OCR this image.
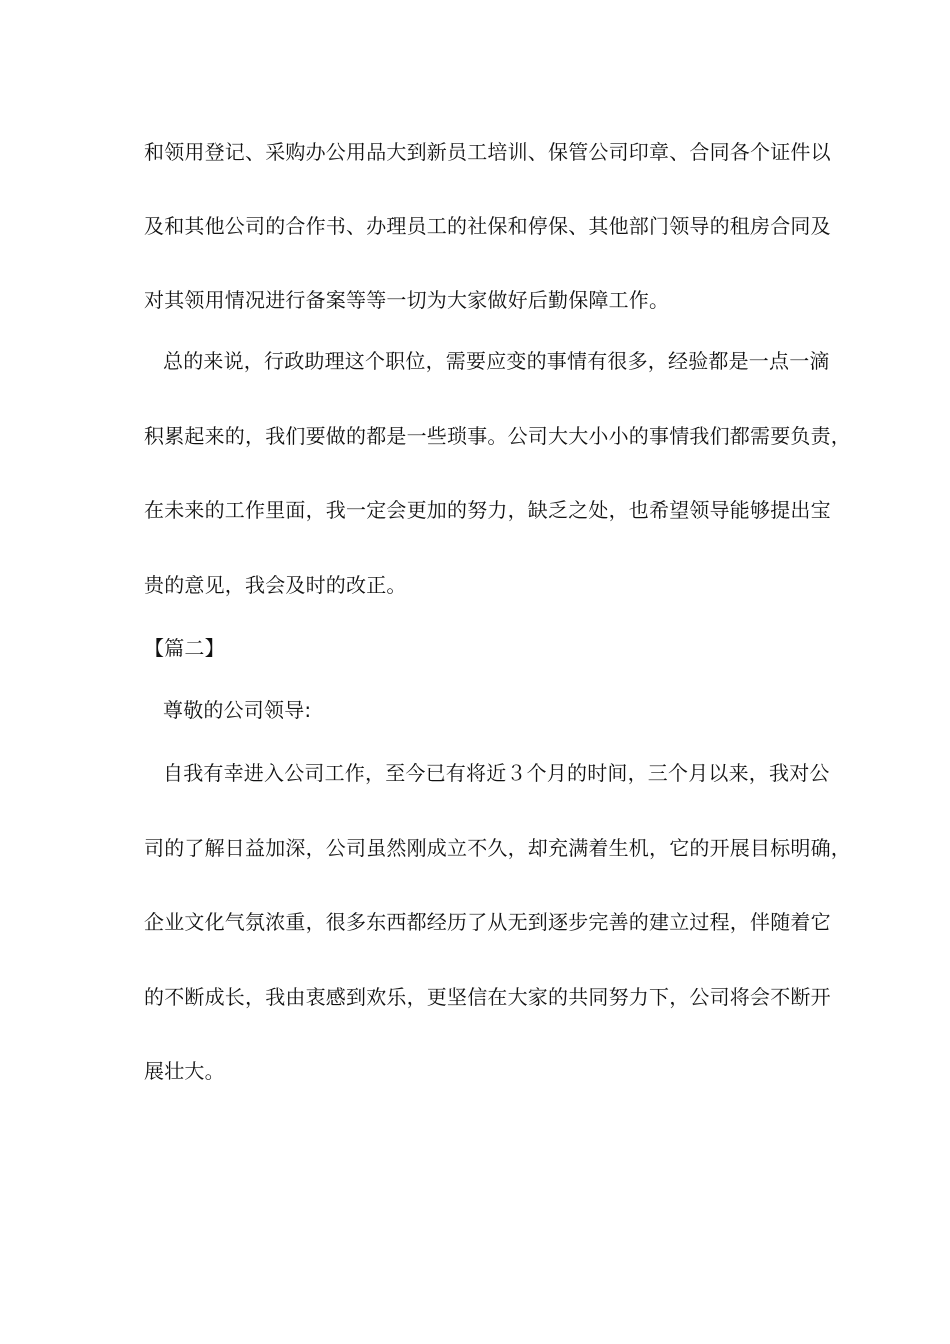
和领用登记、采购办公用品大到新员工培训、保管公司印章、合同各个证件以
及和其他公司的合作书、办理员工的社保和停保、其他部门领导的租房合同及
对其领用情况进行备案等等一切为大家做好后勤保障工作。
总的来说，行政助理这个职位，需要应变的事情有很多，经验都是一点一滴
积累起来的，我们要做的都是一些琐事。公司大大小小的事情我们都需要负责，
在未来的工作里面，我一定会更加的努力，缺乏之处，也希望领导能够提出宝
贵的意见，我会及时的改正。
【篇二】
尊敬的公司领导:
自我有幸进入公司工作，至今已有将近３个月的时间，三个月以来，我对公
司的了解日益加深，公司虽然刚成立不久，却充满着生机，它的开展目标明确，
企业文化气氛浓重，很多东西都经历了从无到逐步完善的建立过程，伴随着它
的不断成长，我由衷感到欢乐，更坚信在大家的共同努力下，公司将会不断开
展壮大。
